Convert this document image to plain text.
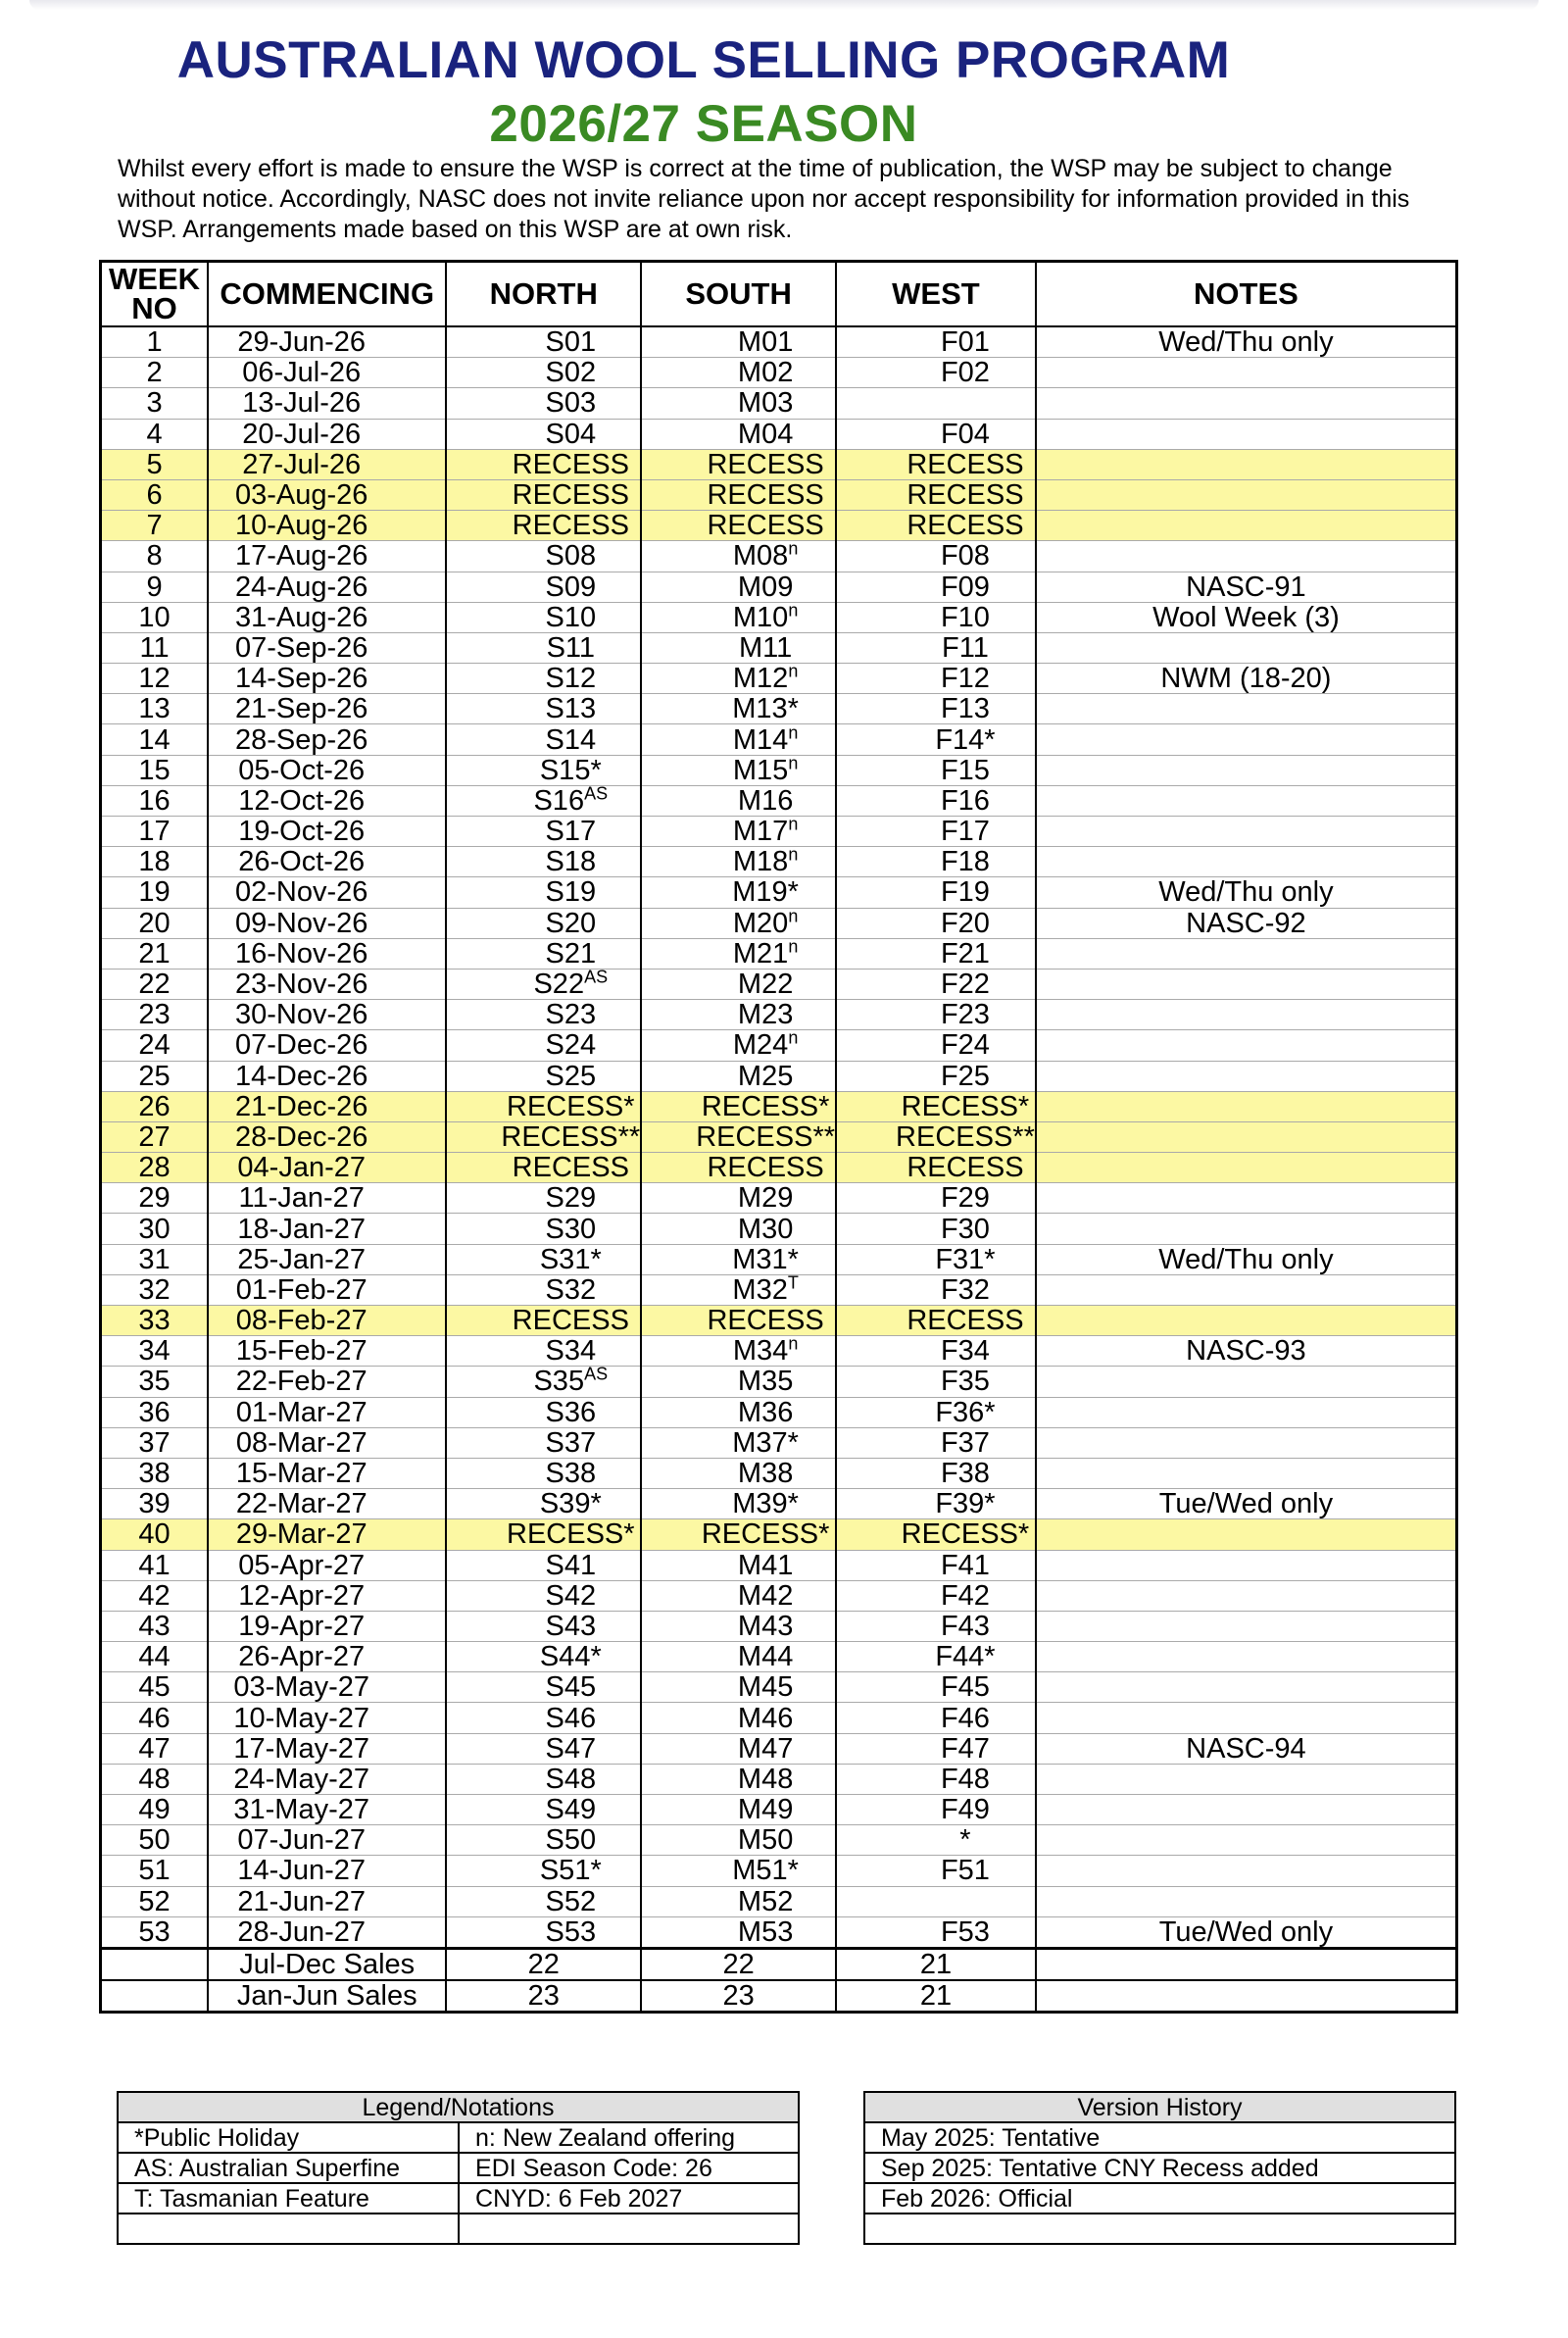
AUSTRALIAN WOOL SELLING PROGRAM
2026/27 SEASON
Whilst every effort is made to ensure the WSP is correct at the time of publication, the WSP may be subject to change without notice. Accordingly, NASC does not invite reliance upon nor accept responsibility for information provided in this WSP. Arrangements made based on this WSP are at own risk.
WEEK NO	COMMENCING	NORTH	SOUTH	WEST	NOTES
1	29-Jun-26	S01	M01	F01	Wed/Thu only
2	06-Jul-26	S02	M02	F02	
3	13-Jul-26	S03	M03		
4	20-Jul-26	S04	M04	F04	
5	27-Jul-26	RECESS	RECESS	RECESS	
6	03-Aug-26	RECESS	RECESS	RECESS	
7	10-Aug-26	RECESS	RECESS	RECESS	
8	17-Aug-26	S08	M08$^n$	F08	
9	24-Aug-26	S09	M09	F09	NASC-91
10	31-Aug-26	S10	M10$^n$	F10	Wool Week (3)
11	07-Sep-26	S11	M11	F11	
12	14-Sep-26	S12	M12$^n$	F12	NWM (18-20)
13	21-Sep-26	S13	M13*	F13	
14	28-Sep-26	S14	M14$^n$	F14*	
15	05-Oct-26	S15*	M15$^n$	F15	
16	12-Oct-26	$S16^{AS}$	M16	F16	
17	19-Oct-26	S17	M17$^n$	F17	
18	26-Oct-26	S18	M18$^n$	F18	
19	02-Nov-26	S19	M19*	F19	Wed/Thu only
20	09-Nov-26	S20	M20$^n$	F20	NASC-92
21	16-Nov-26	S21	M21$^n$	F21	
22	23-Nov-26	$S22^{AS}$	M22	F22	
23	30-Nov-26	S23	M23	F23	
24	07-Dec-26	S24	M24$^n$	F24	
25	14-Dec-26	S25	M25	F25	
26	21-Dec-26	RECESS*	RECESS*	RECESS*	
27	28-Dec-26	RECESS**	RECESS**	RECESS**	
28	04-Jan-27	RECESS	RECESS	RECESS	
29	11-Jan-27	S29	M29	F29	
30	18-Jan-27	S30	M30	F30	
31	25-Jan-27	S31*	M31*	F31*	Wed/Thu only
32	01-Feb-27	S32	$M32^T$	F32	
33	08-Feb-27	RECESS	RECESS	RECESS	
34	15-Feb-27	S34	M34$^n$	F34	NASC-93
35	22-Feb-27	$S35^{AS}$	M35	F35	
36	01-Mar-27	S36	M36	F36*	
37	08-Mar-27	S37	M37*	F37	
38	15-Mar-27	S38	M38	F38	
39	22-Mar-27	S39*	M39*	F39*	Tue/Wed only
40	29-Mar-27	RECESS*	RECESS*	RECESS*	
41	05-Apr-27	S41	M41	F41	
42	12-Apr-27	S42	M42	F42	
43	19-Apr-27	S43	M43	F43	
44	26-Apr-27	S44*	M44	F44*	
45	03-May-27	S45	M45	F45	
46	10-May-27	S46	M46	F46	
47	17-May-27	S47	M47	F47	NASC-94
48	24-May-27	S48	M48	F48	
49	31-May-27	S49	M49	F49	
50	07-Jun-27	S50	M50	*	
51	14-Jun-27	S51*	M51*	F51	
52	21-Jun-27	S52	M52		
53	28-Jun-27	S53	M53	F53	Tue/Wed only
	Jul-Dec Sales	22	22	21	
	Jan-Jun Sales	23	23	21	
Legend/Notations	
*Public Holiday	n: New Zealand offering
AS: Australian Superfine	EDI Season Code: 26
T: Tasmanian Feature	CNYD: 6 Feb 2027

Version History
May 2025: Tentative
Sep 2025: Tentative CNY Recess added
Feb 2026: Official
